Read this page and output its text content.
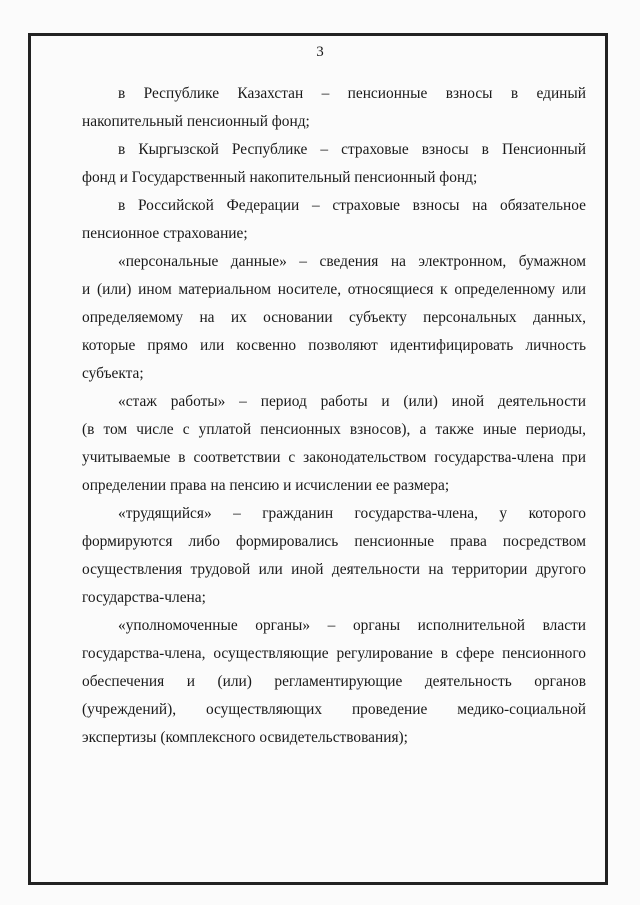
3
в Республике Казахстан – пенсионные взносы в единый
накопительный пенсионный фонд;
в Кыргызской Республике – страховые взносы в Пенсионный
фонд и Государственный накопительный пенсионный фонд;
в Российской Федерации – страховые взносы на обязательное
пенсионное страхование;
«персональные данные» – сведения на электронном, бумажном
и (или) ином материальном носителе, относящиеся к определенному или
определяемому на их основании субъекту персональных данных,
которые прямо или косвенно позволяют идентифицировать личность
субъекта;
«стаж работы» – период работы и (или) иной деятельности
(в том числе с уплатой пенсионных взносов), а также иные периоды,
учитываемые в соответствии с законодательством государства-члена при
определении права на пенсию и исчислении ее размера;
«трудящийся» – гражданин государства-члена, у которого
формируются либо формировались пенсионные права посредством
осуществления трудовой или иной деятельности на территории другого
государства-члена;
«уполномоченные органы» – органы исполнительной власти
государства-члена, осуществляющие регулирование в сфере пенсионного
обеспечения и (или) регламентирующие деятельность органов
(учреждений), осуществляющих проведение медико-социальной
экспертизы (комплексного освидетельствования);
